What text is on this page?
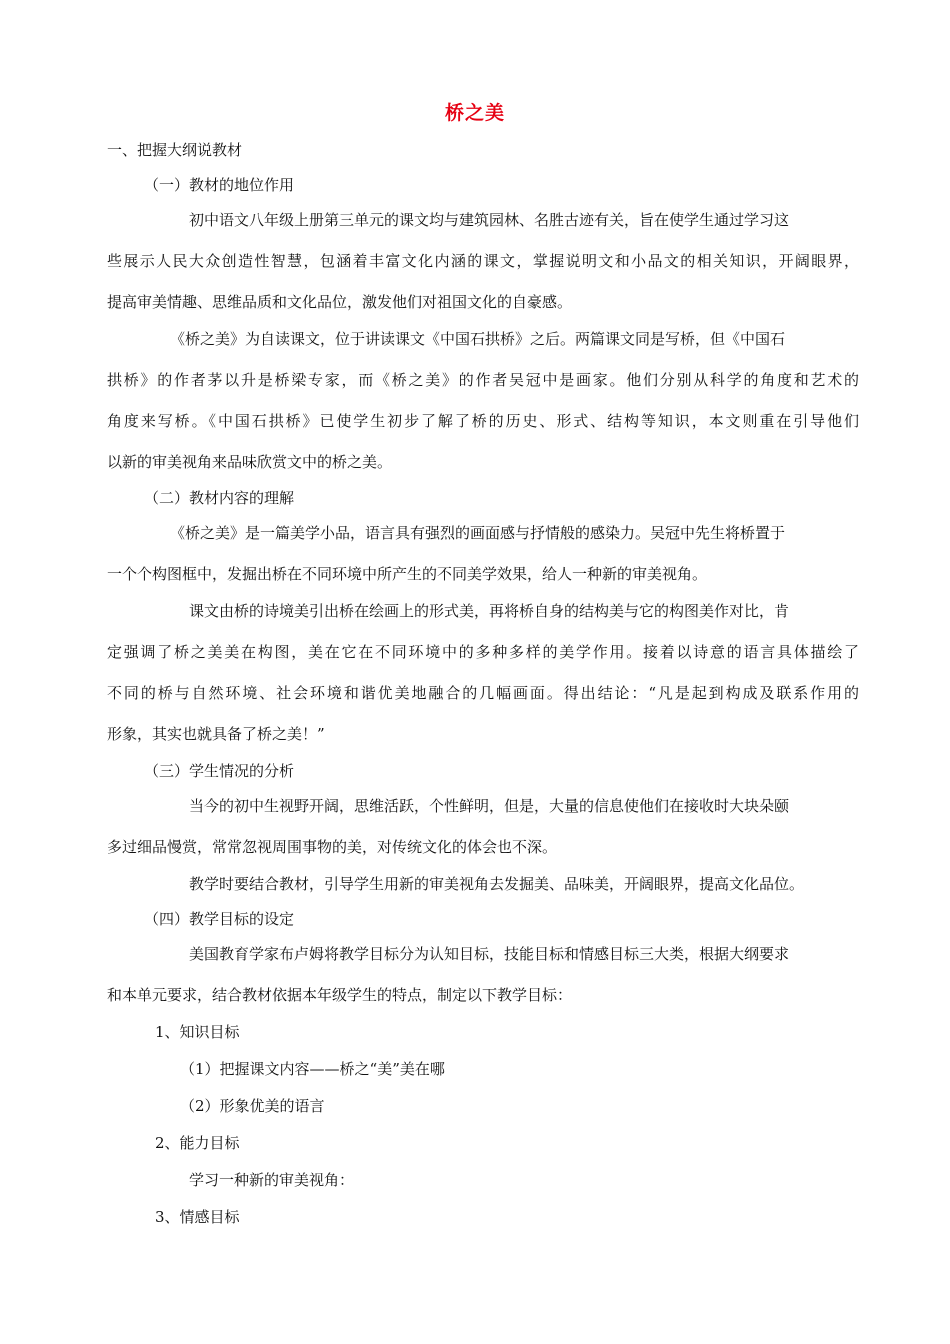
桥之美
一、把握大纲说教材
（一）教材的地位作用
初中语文八年级上册第三单元的课文均与建筑园林、名胜古迹有关，旨在使学生通过学习这
些展示人民大众创造性智慧，包涵着丰富文化内涵的课文，掌握说明文和小品文的相关知识，开阔眼界，
提高审美情趣、思维品质和文化品位，激发他们对祖国文化的自豪感。
《桥之美》为自读课文，位于讲读课文《中国石拱桥》之后。两篇课文同是写桥，但《中国石
拱桥》的作者茅以升是桥梁专家，而《桥之美》的作者吴冠中是画家。他们分别从科学的角度和艺术的
角度来写桥。《中国石拱桥》已使学生初步了解了桥的历史、形式、结构等知识，本文则重在引导他们
以新的审美视角来品味欣赏文中的桥之美。
（二）教材内容的理解
《桥之美》是一篇美学小品，语言具有强烈的画面感与抒情般的感染力。吴冠中先生将桥置于
一个个构图框中，发掘出桥在不同环境中所产生的不同美学效果，给人一种新的审美视角。
课文由桥的诗境美引出桥在绘画上的形式美，再将桥自身的结构美与它的构图美作对比，肯
定强调了桥之美美在构图，美在它在不同环境中的多种多样的美学作用。接着以诗意的语言具体描绘了
不同的桥与自然环境、社会环境和谐优美地融合的几幅画面。得出结论：“凡是起到构成及联系作用的
形象，其实也就具备了桥之美！”
（三）学生情况的分析
当今的初中生视野开阔，思维活跃，个性鲜明，但是，大量的信息使他们在接收时大块朵颐
多过细品慢赏，常常忽视周围事物的美，对传统文化的体会也不深。
教学时要结合教材，引导学生用新的审美视角去发掘美、品味美，开阔眼界，提高文化品位。
（四）教学目标的设定
美国教育学家布卢姆将教学目标分为认知目标，技能目标和情感目标三大类，根据大纲要求
和本单元要求，结合教材依据本年级学生的特点，制定以下教学目标：
1、知识目标
（1）把握课文内容——桥之“美”美在哪
（2）形象优美的语言
2、能力目标
学习一种新的审美视角：
3、情感目标
